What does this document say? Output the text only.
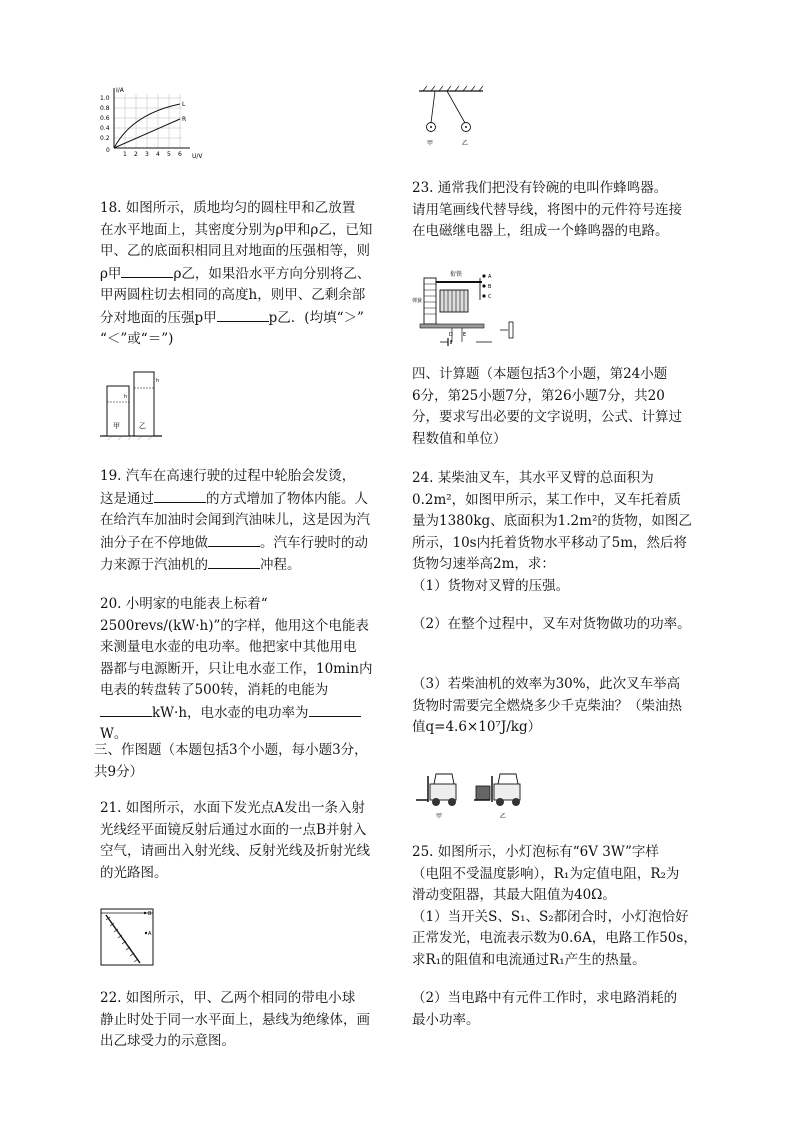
I/A
U/V
1.0
0.8
0.6
0.4
0.2
0
1 2 3 4 5 6
L
R

18. 如图所示，质地均匀的圆柱甲和乙放置

在水平地面上，其密度分别为ρ甲和ρ乙，已知

甲、乙的底面积相同且对地面的压强相等，则

ρ甲	ρ乙，如果沿水平方向分别将乙、

甲两圆柱切去相同的高度h，则甲、乙剩余部

分对地面的压强p甲	p乙．(均填“＞”

“＜”或“＝”)

h
h
甲	乙

19. 汽车在高速行驶的过程中轮胎会发烫，

这是通过	的方式增加了物体内能。人

在给汽车加油时会闻到汽油味儿，这是因为汽

油分子在不停地做	。汽车行驶时的动

力来源于汽油机的	冲程。

20. 小明家的电能表上标着“

2500revs/(kW·h)”的字样，他用这个电能表

来测量电水壶的电功率。他把家中其他用电

器都与电源断开，只让电水壶工作，10min内

电表的转盘转了500转，消耗的电能为

kW·h，电水壶的电功率为

W。

三、作图题（本题包括3个小题，每小题3分，

共9分）

21. 如图所示，水面下发光点A发出一条入射

光线经平面镜反射后通过水面的一点B并射入

空气，请画出入射光线、反射光线及折射光线

的光路图。

B
A

22. 如图所示，甲、乙两个相同的带电小球

静止时处于同一水平面上，悬线为绝缘体，画

出乙球受力的示意图。

甲	乙

23. 通常我们把没有铃碗的电叫作蜂鸣器。

请用笔画线代替导线，将图中的元件符号连接

在电磁继电器上，组成一个蜂鸣器的电路。

衔铁
弹簧
A
B
C
D E

四、计算题（本题包括3个小题，第24小题

6分，第25小题7分，第26小题7分，共20

分，要求写出必要的文字说明，公式、计算过

程数值和单位）

24. 某柴油叉车，其水平叉臂的总面积为

0.2m²，如图甲所示，某工作中，叉车托着质

量为1380kg、底面积为1.2m²的货物，如图乙

所示，10s内托着货物水平移动了5m，然后将

货物匀速举高2m，求：

（1）货物对叉臂的压强。

（2）在整个过程中，叉车对货物做功的功率。

（3）若柴油机的效率为30%，此次叉车举高

货物时需要完全燃烧多少千克柴油？（柴油热

值q=4.6×10⁷J/kg）

甲	乙

25. 如图所示，小灯泡标有“6V 3W”字样

（电阻不受温度影响），R₁为定值电阻，R₂为

滑动变阻器，其最大阻值为40Ω。

（1）当开关S、S₁、S₂都闭合时，小灯泡恰好

正常发光，电流表示数为0.6A，电路工作50s，

求R₁的阻值和电流通过R₁产生的热量。

（2）当电路中有元件工作时，求电路消耗的

最小功率。
